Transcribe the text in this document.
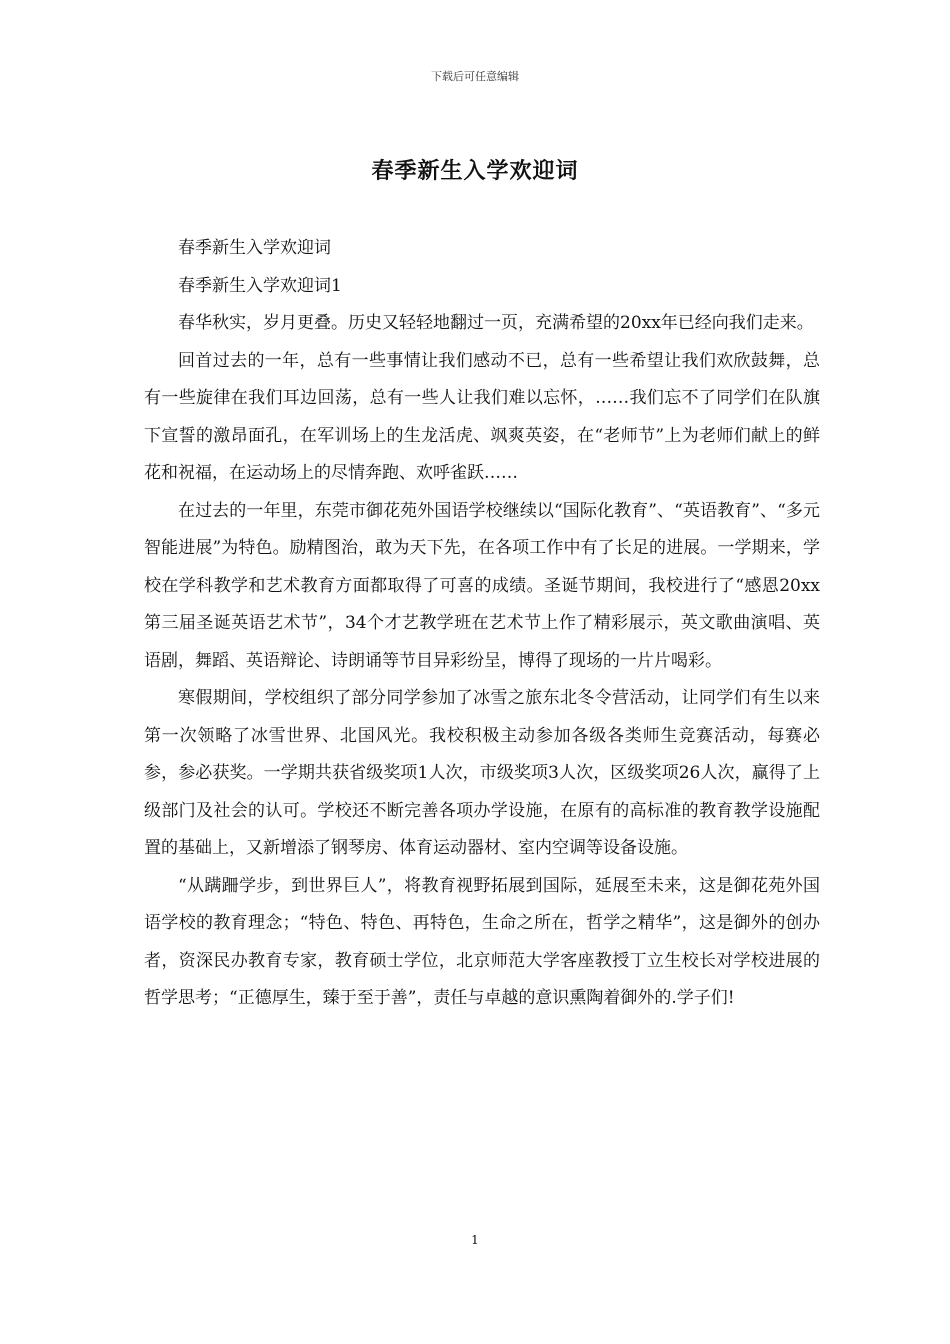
下载后可任意编辑
春季新生入学欢迎词

春季新生入学欢迎词

春季新生入学欢迎词1

春华秋实，岁月更叠。历史又轻轻地翻过一页，充满希望的20xx年已经向我们走来。

回首过去的一年，总有一些事情让我们感动不已，总有一些希望让我们欢欣鼓舞，总有一些旋律在我们耳边回荡，总有一些人让我们难以忘怀，……我们忘不了同学们在队旗下宣誓的激昂面孔，在军训场上的生龙活虎、飒爽英姿，在“老师节”上为老师们献上的鲜花和祝福，在运动场上的尽情奔跑、欢呼雀跃……

在过去的一年里，东莞市御花苑外国语学校继续以“国际化教育”、“英语教育”、“多元智能进展”为特色。励精图治，敢为天下先，在各项工作中有了长足的进展。一学期来，学校在学科教学和艺术教育方面都取得了可喜的成绩。圣诞节期间，我校进行了“感恩20xx第三届圣诞英语艺术节”，34个才艺教学班在艺术节上作了精彩展示，英文歌曲演唱、英语剧，舞蹈、英语辩论、诗朗诵等节目异彩纷呈，博得了现场的一片片喝彩。

寒假期间，学校组织了部分同学参加了冰雪之旅东北冬令营活动，让同学们有生以来第一次领略了冰雪世界、北国风光。我校积极主动参加各级各类师生竞赛活动，每赛必参，参必获奖。一学期共获省级奖项1人次，市级奖项3人次，区级奖项26人次，赢得了上级部门及社会的认可。学校还不断完善各项办学设施，在原有的高标准的教育教学设施配置的基础上，又新增添了钢琴房、体育运动器材、室内空调等设备设施。

“从蹒跚学步，到世界巨人”，将教育视野拓展到国际，延展至未来，这是御花苑外国语学校的教育理念；“特色、特色、再特色，生命之所在，哲学之精华”，这是御外的创办者，资深民办教育专家，教育硕士学位，北京师范大学客座教授丁立生校长对学校进展的哲学思考；“正德厚生，臻于至于善”，责任与卓越的意识熏陶着御外的.学子们!

1
